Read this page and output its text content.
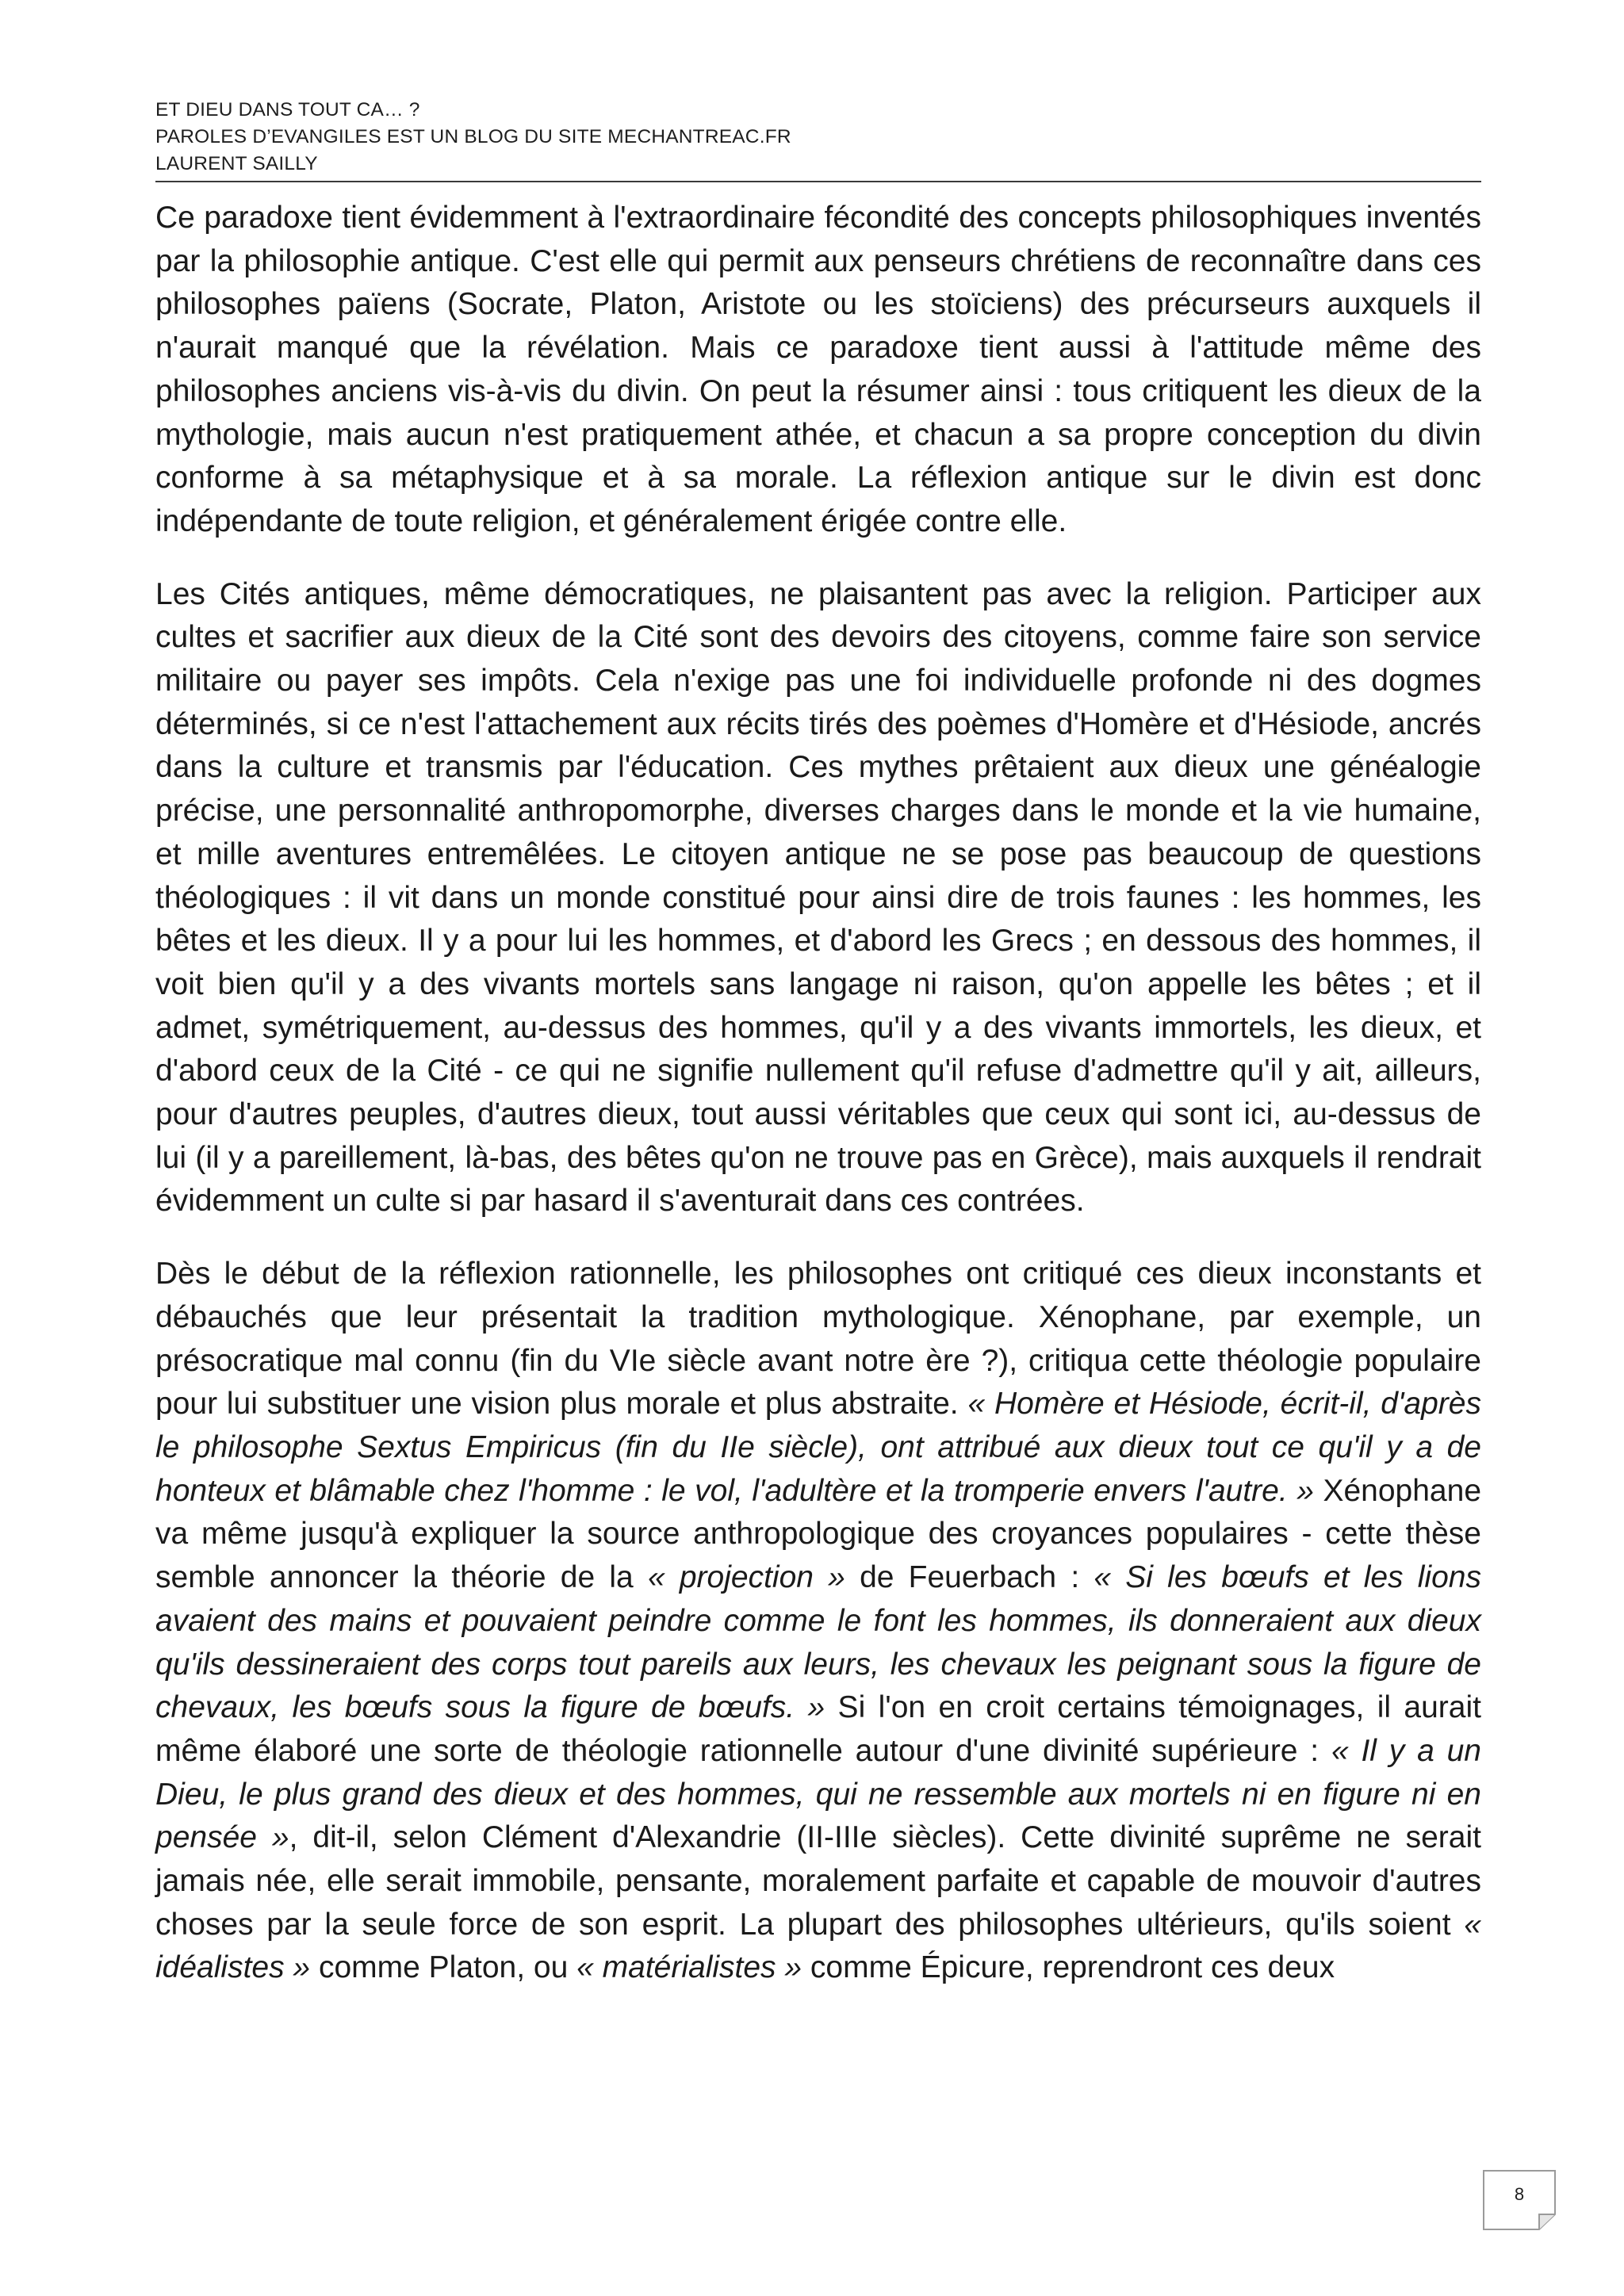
ET DIEU DANS TOUT CA… ?
PAROLES D’EVANGILES EST UN BLOG DU SITE MECHANTREAC.FR
LAURENT SAILLY

Ce paradoxe tient évidemment à l'extraordinaire fécondité des concepts philosophiques inventés par la philosophie antique. C'est elle qui permit aux penseurs chrétiens de reconnaître dans ces philosophes païens (Socrate, Platon, Aristote ou les stoïciens) des précurseurs auxquels il n'aurait manqué que la révélation. Mais ce paradoxe tient aussi à l'attitude même des philosophes anciens vis-à-vis du divin. On peut la résumer ainsi : tous critiquent les dieux de la mythologie, mais aucun n'est pratiquement athée, et chacun a sa propre conception du divin conforme à sa métaphysique et à sa morale. La réflexion antique sur le divin est donc indépendante de toute religion, et généralement érigée contre elle.

Les Cités antiques, même démocratiques, ne plaisantent pas avec la religion. Participer aux cultes et sacrifier aux dieux de la Cité sont des devoirs des citoyens, comme faire son service militaire ou payer ses impôts. Cela n'exige pas une foi individuelle profonde ni des dogmes déterminés, si ce n'est l'attachement aux récits tirés des poèmes d'Homère et d'Hésiode, ancrés dans la culture et transmis par l'éducation. Ces mythes prêtaient aux dieux une généalogie précise, une personnalité anthropomorphe, diverses charges dans le monde et la vie humaine, et mille aventures entremêlées. Le citoyen antique ne se pose pas beaucoup de questions théologiques : il vit dans un monde constitué pour ainsi dire de trois faunes : les hommes, les bêtes et les dieux. Il y a pour lui les hommes, et d'abord les Grecs ; en dessous des hommes, il voit bien qu'il y a des vivants mortels sans langage ni raison, qu'on appelle les bêtes ; et il admet, symétriquement, au-dessus des hommes, qu'il y a des vivants immortels, les dieux, et d'abord ceux de la Cité - ce qui ne signifie nullement qu'il refuse d'admettre qu'il y ait, ailleurs, pour d'autres peuples, d'autres dieux, tout aussi véritables que ceux qui sont ici, au-dessus de lui (il y a pareillement, là-bas, des bêtes qu'on ne trouve pas en Grèce), mais auxquels il rendrait évidemment un culte si par hasard il s'aventurait dans ces contrées.

Dès le début de la réflexion rationnelle, les philosophes ont critiqué ces dieux inconstants et débauchés que leur présentait la tradition mythologique. Xénophane, par exemple, un présocratique mal connu (fin du VIe siècle avant notre ère ?), critiqua cette théologie populaire pour lui substituer une vision plus morale et plus abstraite. « Homère et Hésiode, écrit-il, d'après le philosophe Sextus Empiricus (fin du IIe siècle), ont attribué aux dieux tout ce qu'il y a de honteux et blâmable chez l'homme : le vol, l'adultère et la tromperie envers l'autre. » Xénophane va même jusqu'à expliquer la source anthropologique des croyances populaires - cette thèse semble annoncer la théorie de la « projection » de Feuerbach : « Si les bœufs et les lions avaient des mains et pouvaient peindre comme le font les hommes, ils donneraient aux dieux qu'ils dessineraient des corps tout pareils aux leurs, les chevaux les peignant sous la figure de chevaux, les bœufs sous la figure de bœufs. » Si l'on en croit certains témoignages, il aurait même élaboré une sorte de théologie rationnelle autour d'une divinité supérieure : « Il y a un Dieu, le plus grand des dieux et des hommes, qui ne ressemble aux mortels ni en figure ni en pensée », dit-il, selon Clément d'Alexandrie (II-IIIe siècles). Cette divinité suprême ne serait jamais née, elle serait immobile, pensante, moralement parfaite et capable de mouvoir d'autres choses par la seule force de son esprit. La plupart des philosophes ultérieurs, qu'ils soient « idéalistes » comme Platon, ou « matérialistes » comme Épicure, reprendront ces deux

8
